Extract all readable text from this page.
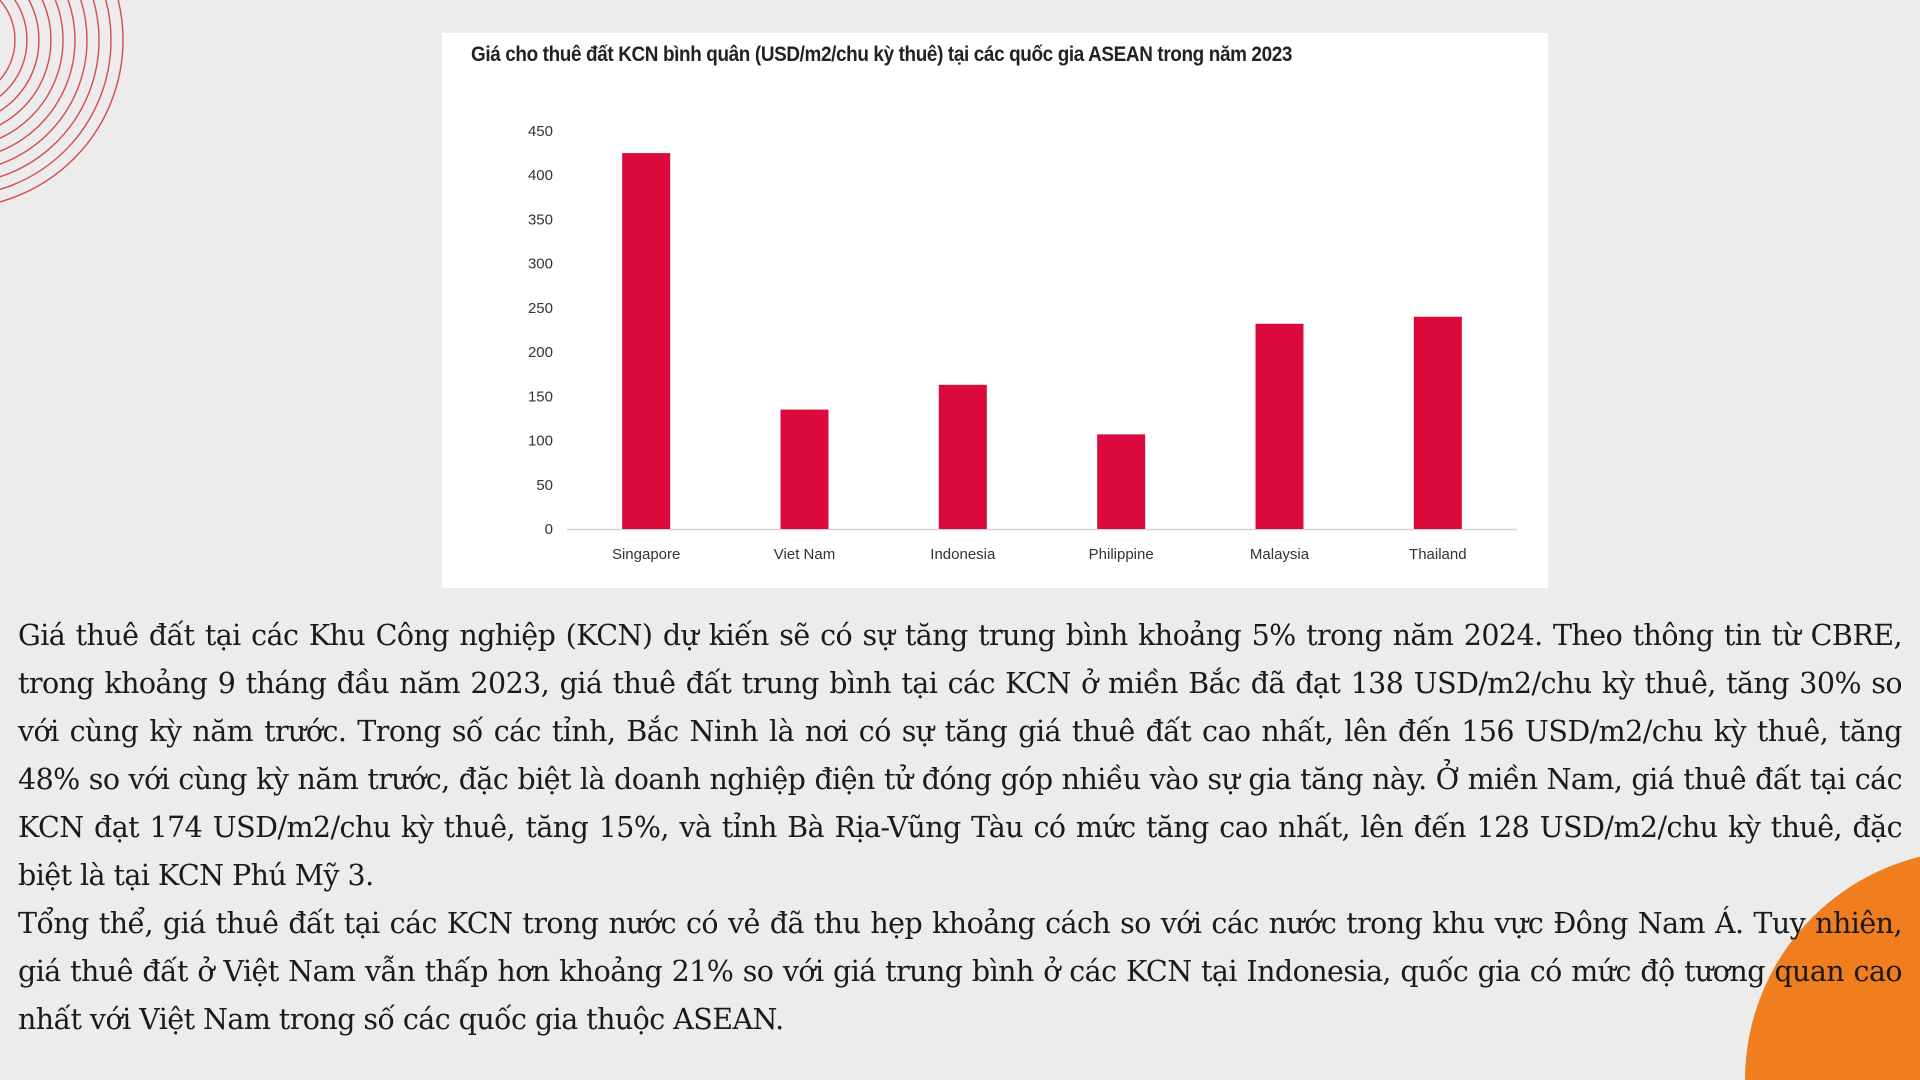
0
50
100
150
200
250
300
350
400
450
Singapore	Viet Nam	Indonesia	Philippine	Malaysia	Thailand
Giá cho thuê đất KCN bình quân (USD/m2/chu kỳ thuê) tại các quốc gia ASEAN trong năm 2023

Giá thuê đất tại các Khu Công nghiệp (KCN) dự kiến sẽ có sự tăng trung bình khoảng 5% trong năm 2024. Theo thông tin từ CBRE, trong khoảng 9 tháng đầu năm 2023, giá thuê đất trung bình tại các KCN ở miền Bắc đã đạt 138 USD/m2/chu kỳ thuê, tăng 30% so với cùng kỳ năm trước. Trong số các tỉnh, Bắc Ninh là nơi có sự tăng giá thuê đất cao nhất, lên đến 156 USD/m2/chu kỳ thuê, tăng 48% so với cùng kỳ năm trước, đặc biệt là doanh nghiệp điện tử đóng góp nhiều vào sự gia tăng này. Ở miền Nam, giá thuê đất tại các KCN đạt 174 USD/m2/chu kỳ thuê, tăng 15%, và tỉnh Bà Rịa-Vũng Tàu có mức tăng cao nhất, lên đến 128 USD/m2/chu kỳ thuê, đặc biệt là tại KCN Phú Mỹ 3.

Tổng thể, giá thuê đất tại các KCN trong nước có vẻ đã thu hẹp khoảng cách so với các nước trong khu vực Đông Nam Á. Tuy nhiên, giá thuê đất ở Việt Nam vẫn thấp hơn khoảng 21% so với giá trung bình ở các KCN tại Indonesia, quốc gia có mức độ tương quan cao nhất với Việt Nam trong số các quốc gia thuộc ASEAN.
